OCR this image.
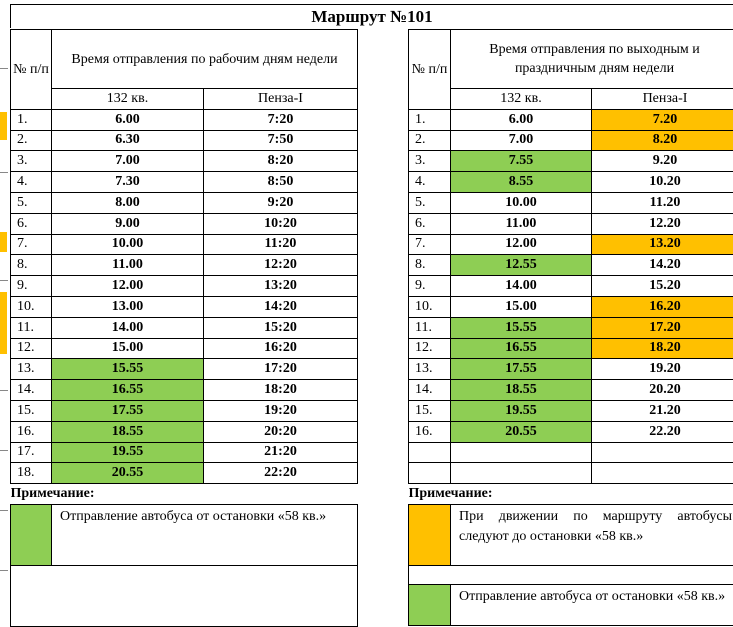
Маршрут №101
№ п/п	Время отправления по рабочим дням недели	
	132 кв.	Пенза-I
1.	6.00	7:20
2.	6.30	7:50
3.	7.00	8:20
4.	7.30	8:50
5.	8.00	9:20
6.	9.00	10:20
7.	10.00	11:20
8.	11.00	12:20
9.	12.00	13:20
10.	13.00	14:20
11.	14.00	15:20
12.	15.00	16:20
13.	15.55	17:20
14.	16.55	18:20
15.	17.55	19:20
16.	18.55	20:20
17.	19.55	21:20
18.	20.55	22:20
Примечание:		
	Отправление автобуса от остановки «58 кв.»	

№ п/п	Время отправления по выходным и праздничным дням недели	
	132 кв.	Пенза-I
1.	6.00	7.20
2.	7.00	8.20
3.	7.55	9.20
4.	8.55	10.20
5.	10.00	11.20
6.	11.00	12.20
7.	12.00	13.20
8.	12.55	14.20
9.	14.00	15.20
10.	15.00	16.20
11.	15.55	17.20
12.	16.55	18.20
13.	17.55	19.20
14.	18.55	20.20
15.	19.55	21.20
16.	20.55	22.20

Примечание:		
	При движении по маршруту автобусы следуют до остановки «58 кв.»	

	Отправление автобуса от остановки «58 кв.»	
